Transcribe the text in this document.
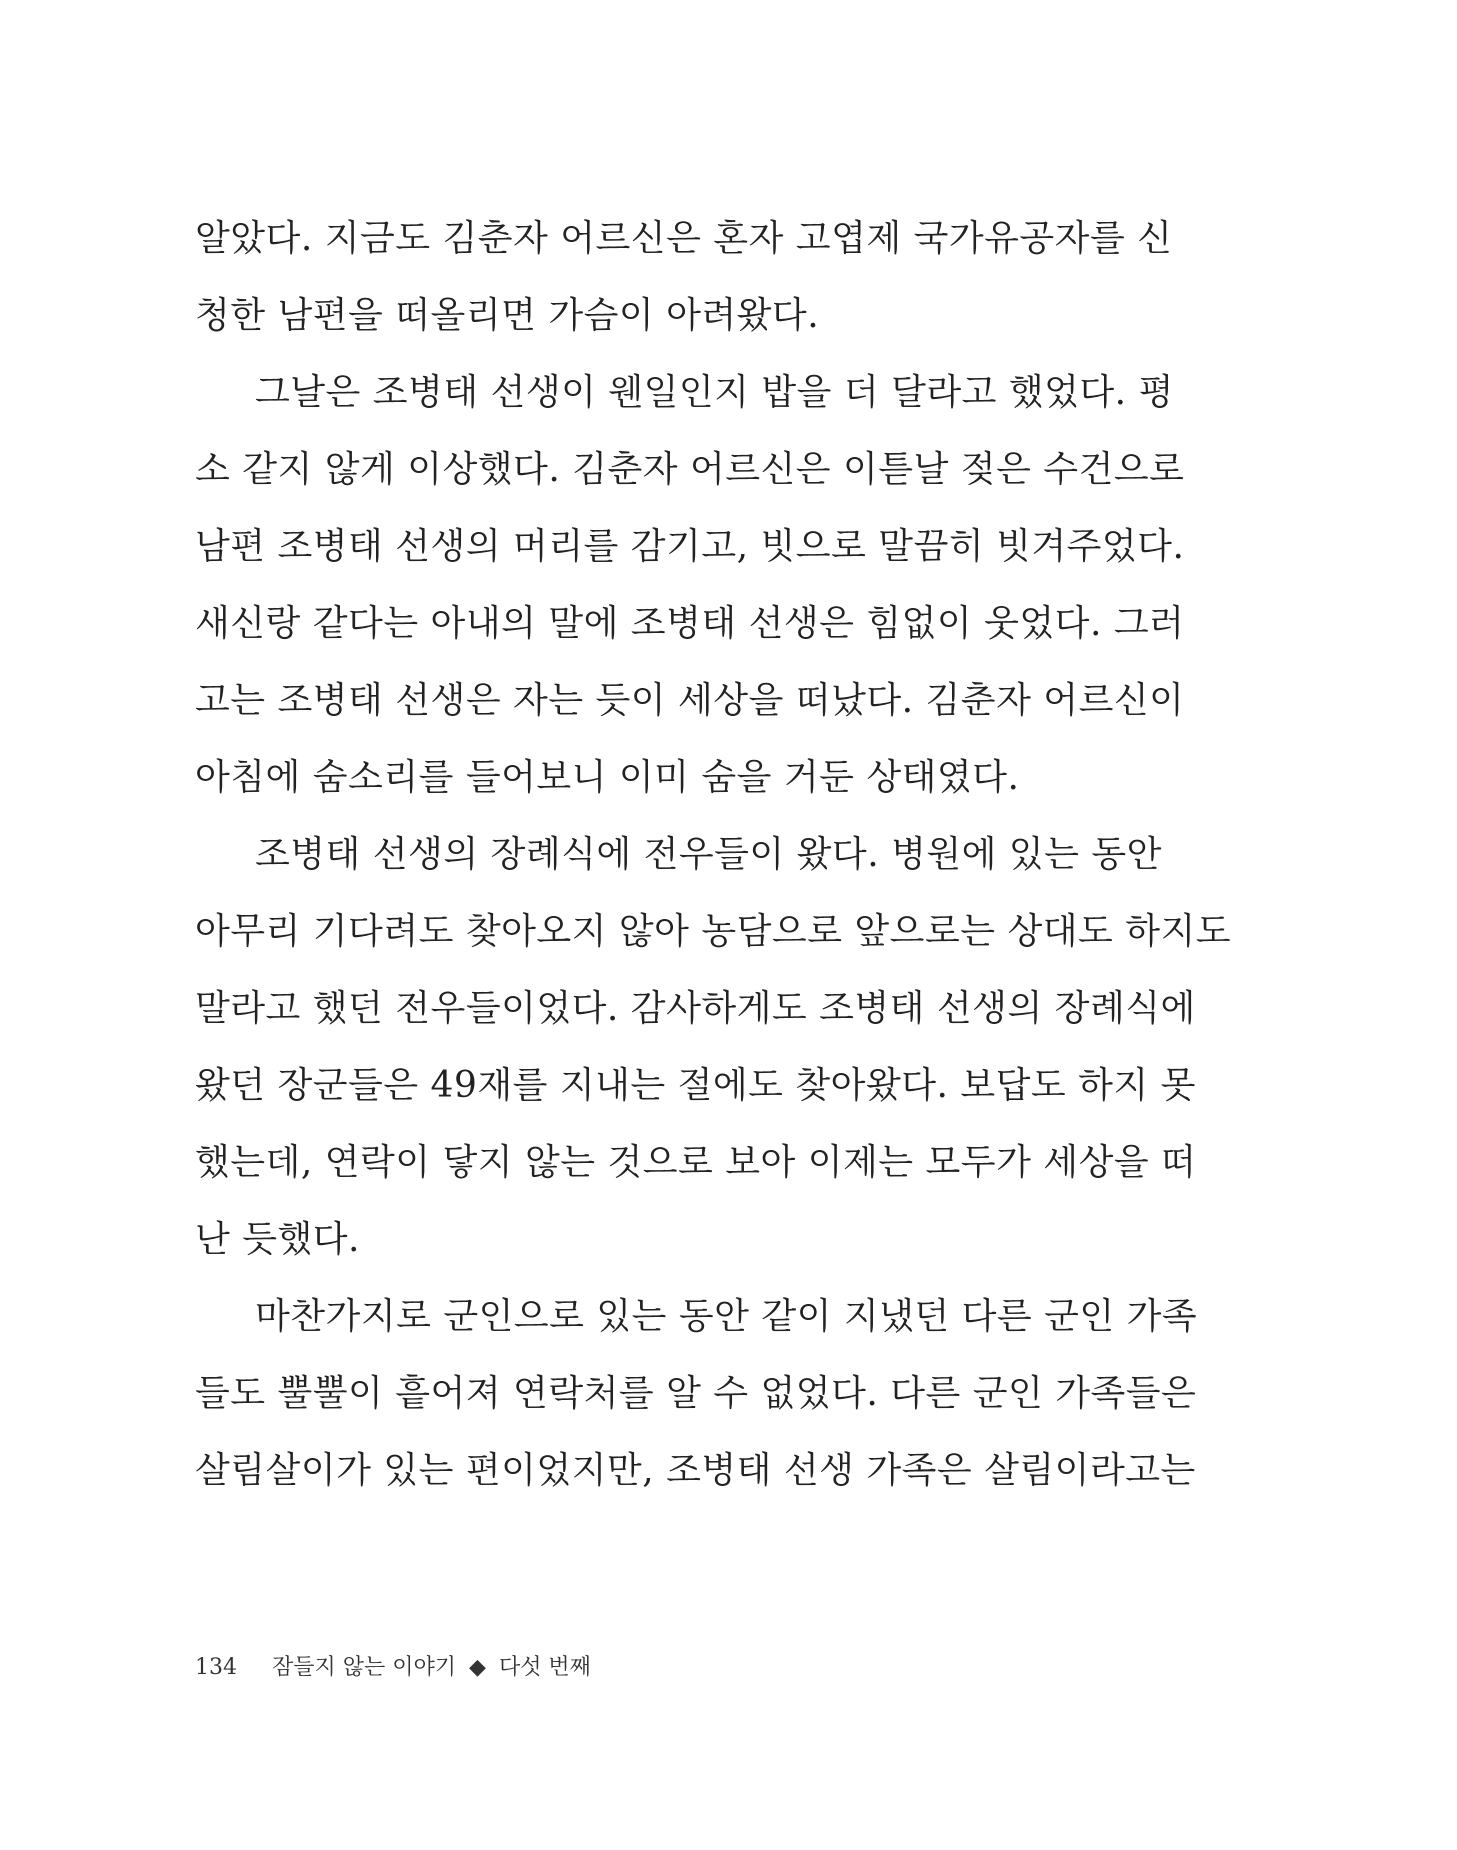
알았다. 지금도 김춘자 어르신은 혼자 고엽제 국가유공자를 신
청한 남편을 떠올리면 가슴이 아려왔다.
그날은 조병태 선생이 웬일인지 밥을 더 달라고 했었다. 평
소 같지 않게 이상했다. 김춘자 어르신은 이튿날 젖은 수건으로
남편 조병태 선생의 머리를 감기고, 빗으로 말끔히 빗겨주었다.
새신랑 같다는 아내의 말에 조병태 선생은 힘없이 웃었다. 그러
고는 조병태 선생은 자는 듯이 세상을 떠났다. 김춘자 어르신이
아침에 숨소리를 들어보니 이미 숨을 거둔 상태였다.
조병태 선생의 장례식에 전우들이 왔다. 병원에 있는 동안
아무리 기다려도 찾아오지 않아 농담으로 앞으로는 상대도 하지도
말라고 했던 전우들이었다. 감사하게도 조병태 선생의 장례식에
왔던 장군들은 49재를 지내는 절에도 찾아왔다. 보답도 하지 못
했는데, 연락이 닿지 않는 것으로 보아 이제는 모두가 세상을 떠
난 듯했다.
마찬가지로 군인으로 있는 동안 같이 지냈던 다른 군인 가족
들도 뿔뿔이 흩어져 연락처를 알 수 없었다. 다른 군인 가족들은
살림살이가 있는 편이었지만, 조병태 선생 가족은 살림이라고는
134 잠들지 않는 이야기 ◆ 다섯 번째
